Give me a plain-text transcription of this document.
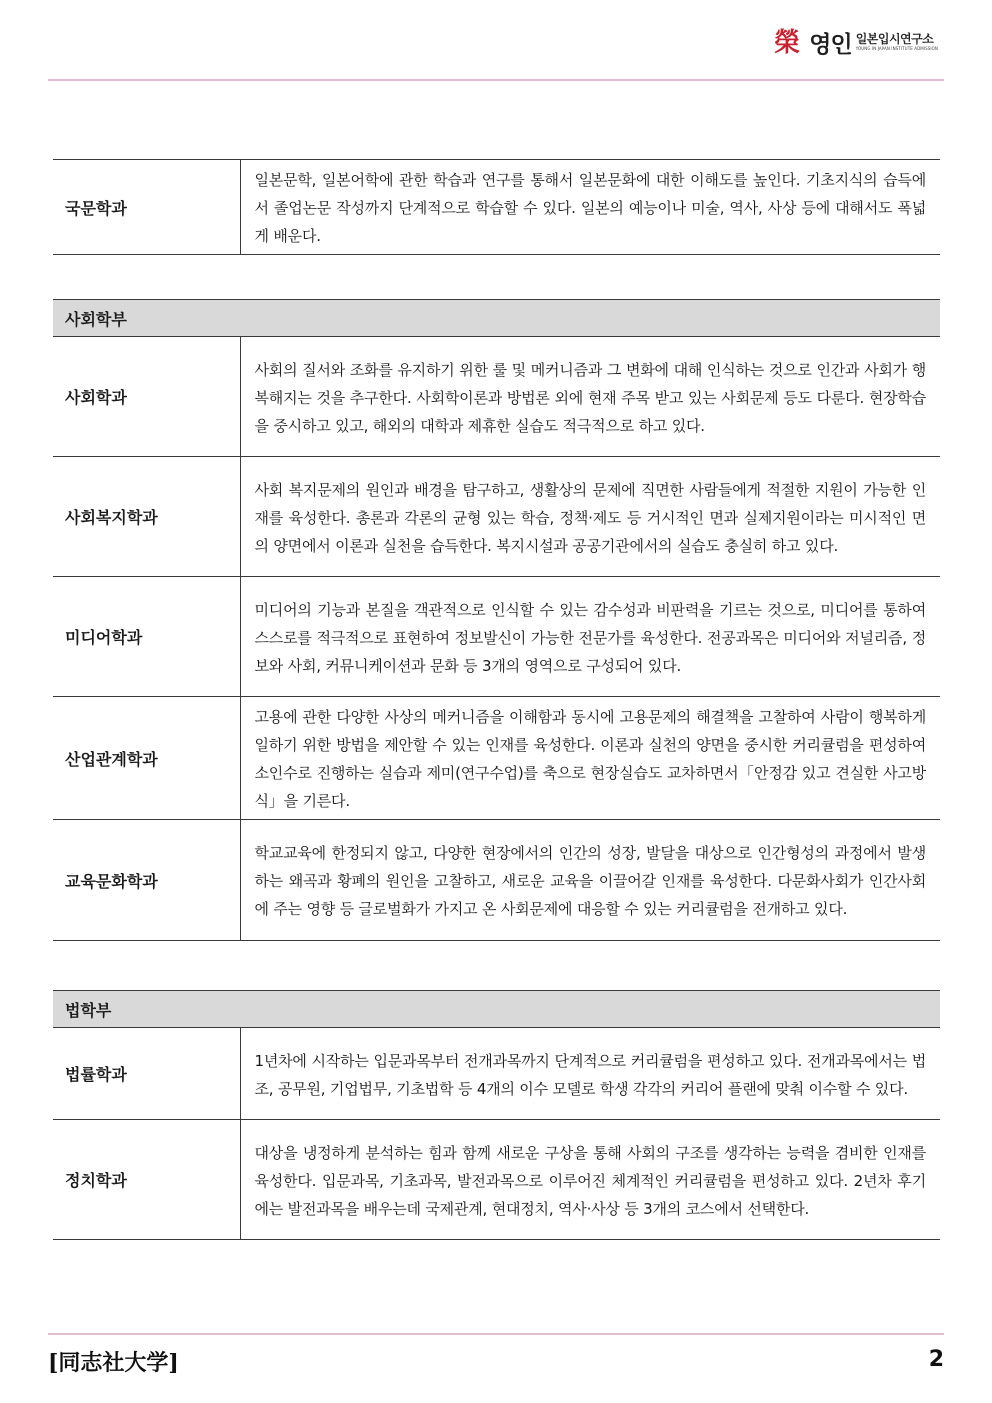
榮 영인 일본입시연구소
YOUNG IN JAPAN INSTITUTE ADMISSION
국문학과	일본문학, 일본어학에 관한 학습과 연구를 통해서 일본문화에 대한 이해도를 높인다. 기초지식의 습득에서 졸업논문 작성까지 단계적으로 학습할 수 있다. 일본의 예능이나 미술, 역사, 사상 등에 대해서도 폭넓게 배운다.
사회학부	
사회학과	사회의 질서와 조화를 유지하기 위한 룰 및 메커니즘과 그 변화에 대해 인식하는 것으로 인간과 사회가 행복해지는 것을 추구한다. 사회학이론과 방법론 외에 현재 주목 받고 있는 사회문제 등도 다룬다. 현장학습을 중시하고 있고, 해외의 대학과 제휴한 실습도 적극적으로 하고 있다.
사회복지학과	사회 복지문제의 원인과 배경을 탐구하고, 생활상의 문제에 직면한 사람들에게 적절한 지원이 가능한 인재를 육성한다. 총론과 각론의 균형 있는 학습, 정책·제도 등 거시적인 면과 실제지원이라는 미시적인 면의 양면에서 이론과 실천을 습득한다. 복지시설과 공공기관에서의 실습도 충실히 하고 있다.
미디어학과	미디어의 기능과 본질을 객관적으로 인식할 수 있는 감수성과 비판력을 기르는 것으로, 미디어를 통하여 스스로를 적극적으로 표현하여 정보발신이 가능한 전문가를 육성한다. 전공과목은 미디어와 저널리즘, 정보와 사회, 커뮤니케이션과 문화 등 3개의 영역으로 구성되어 있다.
산업관계학과	고용에 관한 다양한 사상의 메커니즘을 이해함과 동시에 고용문제의 해결책을 고찰하여 사람이 행복하게 일하기 위한 방법을 제안할 수 있는 인재를 육성한다. 이론과 실천의 양면을 중시한 커리큘럼을 편성하여 소인수로 진행하는 실습과 제미(연구수업)를 축으로 현장실습도 교차하면서「안정감 있고 견실한 사고방식」을 기른다.
교육문화학과	학교교육에 한정되지 않고, 다양한 현장에서의 인간의 성장, 발달을 대상으로 인간형성의 과정에서 발생하는 왜곡과 황폐의 원인을 고찰하고, 새로운 교육을 이끌어갈 인재를 육성한다. 다문화사회가 인간사회에 주는 영향 등 글로벌화가 가지고 온 사회문제에 대응할 수 있는 커리큘럼을 전개하고 있다.
법학부	
법률학과	1년차에 시작하는 입문과목부터 전개과목까지 단계적으로 커리큘럼을 편성하고 있다. 전개과목에서는 법조, 공무원, 기업법무, 기초법학 등 4개의 이수 모델로 학생 각각의 커리어 플랜에 맞춰 이수할 수 있다.
정치학과	대상을 냉정하게 분석하는 힘과 함께 새로운 구상을 통해 사회의 구조를 생각하는 능력을 겸비한 인재를 육성한다. 입문과목, 기초과목, 발전과목으로 이루어진 체계적인 커리큘럼을 편성하고 있다. 2년차 후기에는 발전과목을 배우는데 국제관계, 현대정치, 역사·사상 등 3개의 코스에서 선택한다.
[同志社大学]	2
